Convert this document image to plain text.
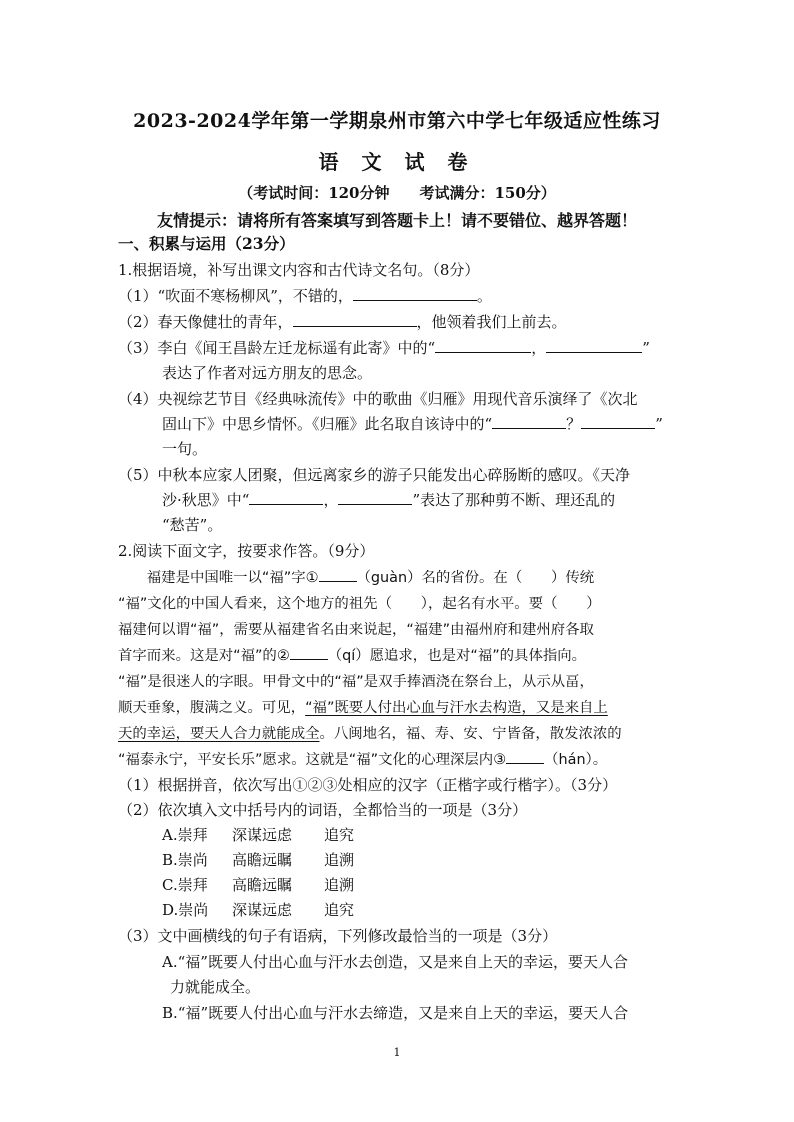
2023-2024学年第一学期泉州市第六中学七年级适应性练习
语 文 试 卷
（考试时间：120分钟　　考试满分：150分）
友情提示：请将所有答案填写到答题卡上！请不要错位、越界答题！
一、积累与运用（23分）
1.根据语境，补写出课文内容和古代诗文名句。（8分）
（1）“吹面不寒杨柳风”，不错的，	。
（2）春天像健壮的青年，	，他领着我们上前去。
（3）李白《闻王昌龄左迁龙标遥有此寄》中的“	，	”
表达了作者对远方朋友的思念。
（4）央视综艺节目《经典咏流传》中的歌曲《归雁》用现代音乐演绎了《次北
固山下》中思乡情怀。《归雁》此名取自该诗中的“	？	”
一句。
（5）中秋本应家人团聚，但远离家乡的游子只能发出心碎肠断的感叹。《天净
沙·秋思》中“	，	”表达了那种剪不断、理还乱的
“愁苦”。
2.阅读下面文字，按要求作答。（9分）
　　福建是中国唯一以“福”字①	（guàn）名的省份。在（　　）传统
“福”文化的中国人看来，这个地方的祖先（　　），起名有水平。要（　　）
福建何以谓“福”，需要从福建省名由来说起，“福建”由福州府和建州府各取
首字而来。这是对“福”的②	（qí）愿追求，也是对“福”的具体指向。
“福”是很迷人的字眼。甲骨文中的“福”是双手捧酒浇在祭台上，从示从畐，
顺天垂象，腹满之义。可见，“福”既要人付出心血与汗水去构造，又是来自上
天的幸运，要天人合力就能成全。八闽地名，福、寿、安、宁皆备，散发浓浓的
“福泰永宁，平安长乐”愿求。这就是“福”文化的心理深层内③	（hán）。
（1）根据拼音，依次写出①②③处相应的汉字（正楷字或行楷字）。（3分）
（2）依次填入文中括号内的词语，全都恰当的一项是（3分）
A.崇拜 深谋远虑 追究
B.崇尚 高瞻远瞩 追溯
C.崇拜 高瞻远瞩 追溯
D.崇尚 深谋远虑 追究
（3）文中画横线的句子有语病，下列修改最恰当的一项是（3分）
A.“福”既要人付出心血与汗水去创造，又是来自上天的幸运，要天人合
力就能成全。
B.“福”既要人付出心血与汗水去缔造，又是来自上天的幸运，要天人合
1
